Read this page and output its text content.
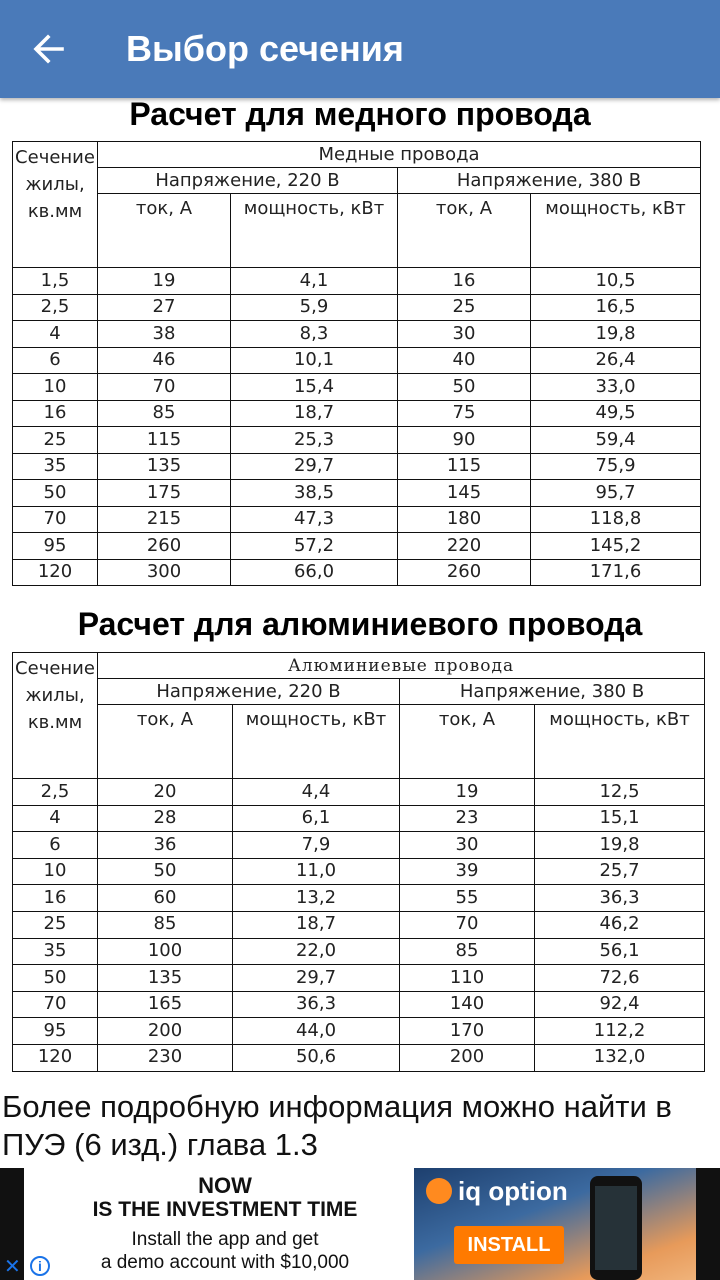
Выбор сечения
Расчет для медного провода
Сечение
жилы,
кв.мм	Медные провода			
	Напряжение, 220 В		Напряжение, 380 В	
	ток, А	мощность, кВт	ток, А	мощность, кВт
1,5	19	4,1	16	10,5
2,5	27	5,9	25	16,5
4	38	8,3	30	19,8
6	46	10,1	40	26,4
10	70	15,4	50	33,0
16	85	18,7	75	49,5
25	115	25,3	90	59,4
35	135	29,7	115	75,9
50	175	38,5	145	95,7
70	215	47,3	180	118,8
95	260	57,2	220	145,2
120	300	66,0	260	171,6
Расчет для алюминиевого провода
Сечение
жилы,
кв.мм	Алюминиевые провода			
	Напряжение, 220 В		Напряжение, 380 В	
	ток, А	мощность, кВт	ток, А	мощность, кВт
2,5	20	4,4	19	12,5
4	28	6,1	23	15,1
6	36	7,9	30	19,8
10	50	11,0	39	25,7
16	60	13,2	55	36,3
25	85	18,7	70	46,2
35	100	22,0	85	56,1
50	135	29,7	110	72,6
70	165	36,3	140	92,4
95	200	44,0	170	112,2
120	230	50,6	200	132,0
Более подробную информация можно найти в ПУЭ (6 изд.) глава 1.3
NOW
IS THE INVESTMENT TIME
Install the app and get
a demo account with $10,000
iq option
INSTALL
✕	i
